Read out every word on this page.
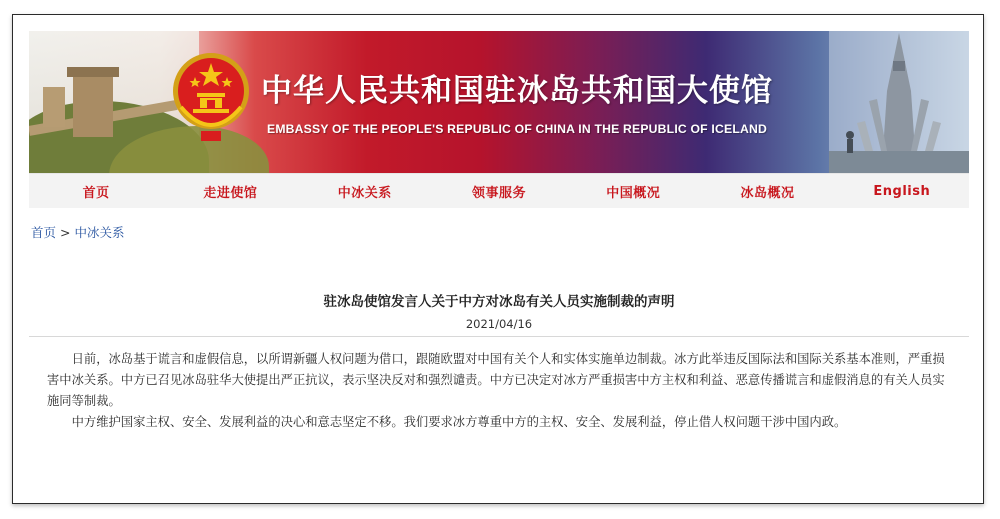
中华人民共和国驻冰岛共和国大使馆
EMBASSY OF THE PEOPLE'S REPUBLIC OF CHINA IN THE REPUBLIC OF ICELAND
首页	走进使馆	中冰关系	领事服务	中国概况	冰岛概况	English
首页 > 中冰关系
驻冰岛使馆发言人关于中方对冰岛有关人员实施制裁的声明
2021/04/16

日前，冰岛基于谎言和虚假信息，以所谓新疆人权问题为借口，跟随欧盟对中国有关个人和实体实施单边制裁。冰方此举违反国际法和国际关系基本准则，严重损害中冰关系。中方已召见冰岛驻华大使提出严正抗议，表示坚决反对和强烈谴责。中方已决定对冰方严重损害中方主权和利益、恶意传播谎言和虚假消息的有关人员实施同等制裁。

中方维护国家主权、安全、发展利益的决心和意志坚定不移。我们要求冰方尊重中方的主权、安全、发展利益，停止借人权问题干涉中国内政。
